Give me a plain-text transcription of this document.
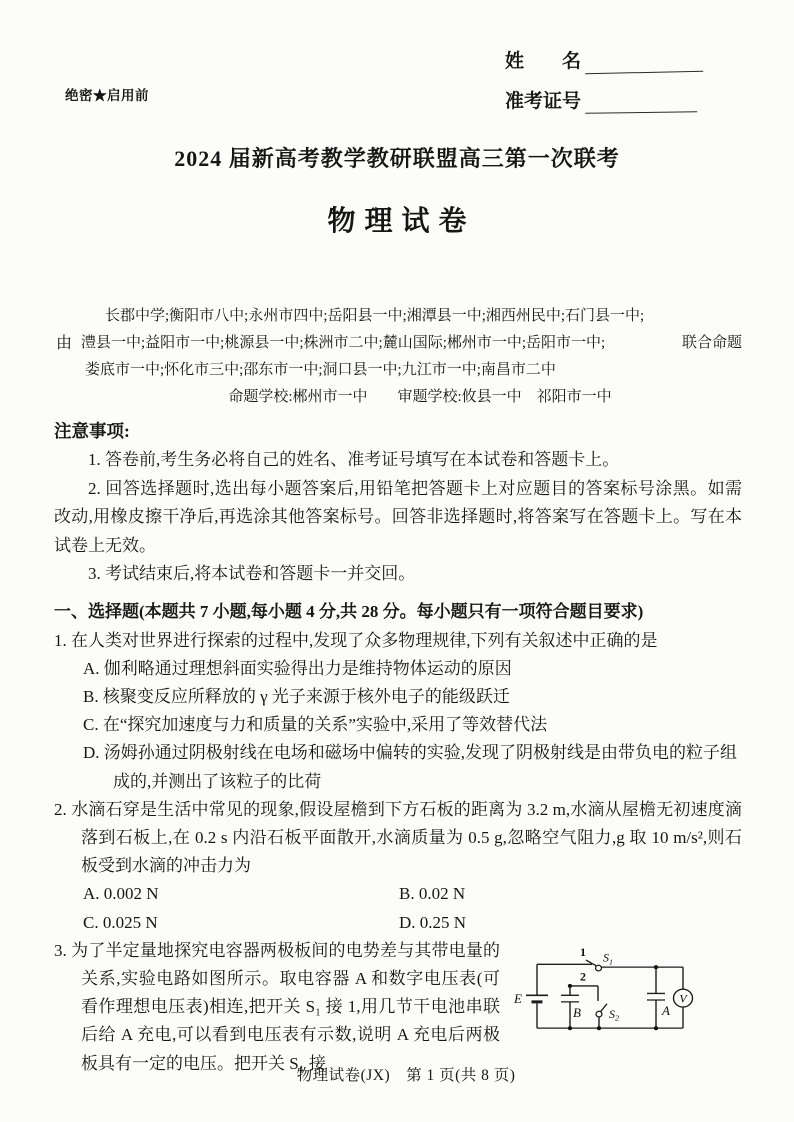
绝密★启用前
姓　　名
准考证号
2024 届新高考教学教研联盟高三第一次联考
物理试卷
由
长郡中学;衡阳市八中;永州市四中;岳阳县一中;湘潭县一中;湘西州民中;石门县一中;
澧县一中;益阳市一中;桃源县一中;株洲市二中;麓山国际;郴州市一中;岳阳市一中;
娄底市一中;怀化市三中;邵东市一中;洞口县一中;九江市一中;南昌市二中
联合命题
命题学校:郴州市一中　　审题学校:攸县一中　祁阳市一中
注意事项:

1. 答卷前,考生务必将自己的姓名、准考证号填写在本试卷和答题卡上。

2. 回答选择题时,选出每小题答案后,用铅笔把答题卡上对应题目的答案标号涂黑。如需改动,用橡皮擦干净后,再选涂其他答案标号。回答非选择题时,将答案写在答题卡上。写在本试卷上无效。

3. 考试结束后,将本试卷和答题卡一并交回。

一、选择题(本题共 7 小题,每小题 4 分,共 28 分。每小题只有一项符合题目要求)

1. 在人类对世界进行探索的过程中,发现了众多物理规律,下列有关叙述中正确的是

A. 伽利略通过理想斜面实验得出力是维持物体运动的原因
B. 核聚变反应所释放的 γ 光子来源于核外电子的能级跃迁
C. 在“探究加速度与力和质量的关系”实验中,采用了等效替代法
D. 汤姆孙通过阴极射线在电场和磁场中偏转的实验,发现了阴极射线是由带负电的粒子组成的,并测出了该粒子的比荷

2. 水滴石穿是生活中常见的现象,假设屋檐到下方石板的距离为 3.2 m,水滴从屋檐无初速度滴落到石板上,在 0.2 s 内沿石板平面散开,水滴质量为 0.5 g,忽略空气阻力,g 取 10 m/s²,则石板受到水滴的冲击力为

A. 0.002 N	B. 0.02 N
C. 0.025 N	D. 0.25 N
E
1 $S_1$
2
B $S_2$
A
V

3. 为了半定量地探究电容器两极板间的电势差与其带电量的关系,实验电路如图所示。取电容器 A 和数字电压表(可看作理想电压表)相连,把开关 S₁ 接 1,用几节干电池串联后给 A 充电,可以看到电压表有示数,说明 A 充电后两极板具有一定的电压。把开关 S₁ 接

物理试卷(JX)　第 1 页(共 8 页)
